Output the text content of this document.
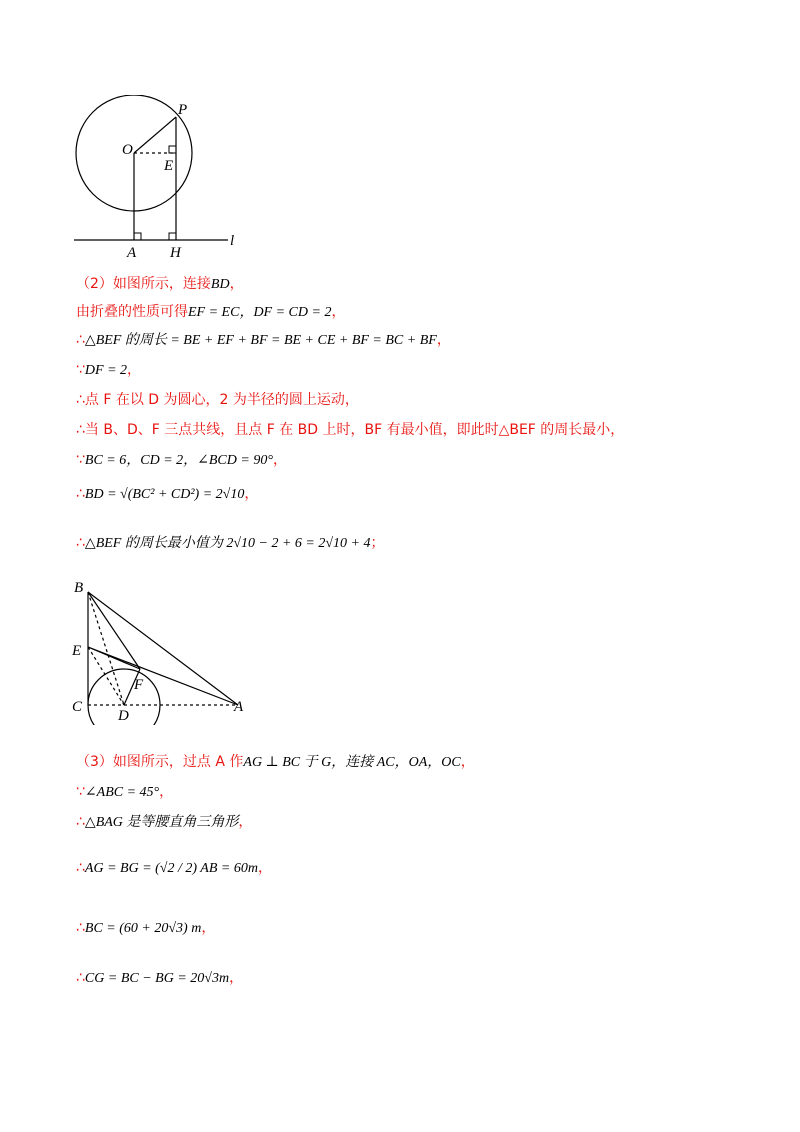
O
P
E
A H
l
（2）如图所示，连接BD，
由折叠的性质可得EF = EC，DF = CD = 2，
∴△BEF 的周长 = BE + EF + BF = BE + CE + BF = BC + BF，
∵DF = 2，
∴点 F 在以 D 为圆心，2 为半径的圆上运动，
∴当 B、D、F 三点共线，且点 F 在 BD 上时，BF 有最小值，即此时△BEF 的周长最小，
∵BC = 6，CD = 2，∠BCD = 90°，
∴BD = √(BC² + CD²) = 2√10，
∴△BEF 的周长最小值为 2√10 − 2 + 6 = 2√10 + 4；
B
E
F
C
D
A
（3）如图所示，过点 A 作AG ⊥ BC 于 G，连接 AC，OA，OC，
∵∠ABC = 45°，
∴△BAG 是等腰直角三角形，
∴AG = BG = (√2 / 2) AB = 60m，
∴BC = (60 + 20√3) m，
∴CG = BC − BG = 20√3m，
